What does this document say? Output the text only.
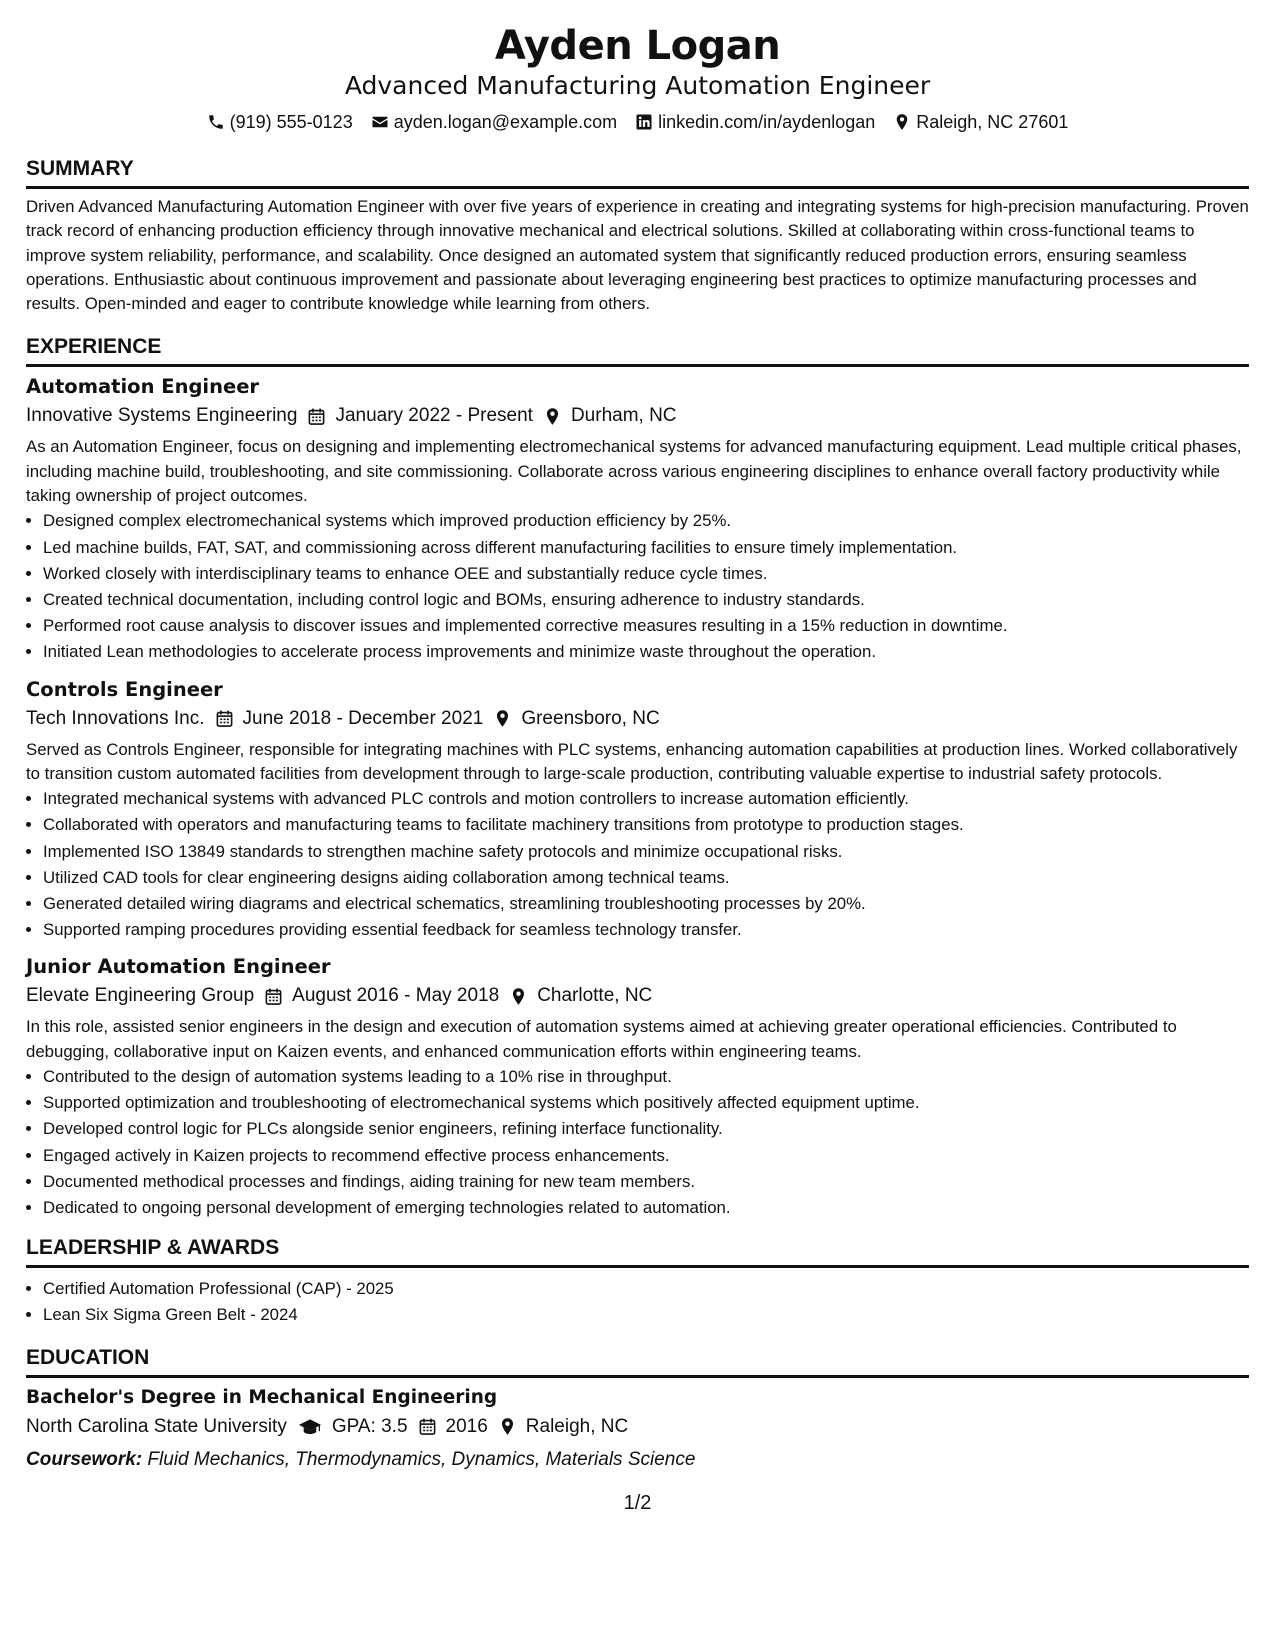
Ayden Logan
Advanced Manufacturing Automation Engineer
(919) 555-0123 ayden.logan@example.com linkedin.com/in/aydenlogan Raleigh, NC 27601
SUMMARY

Driven Advanced Manufacturing Automation Engineer with over five years of experience in creating and integrating systems for high-precision manufacturing. Proven track record of enhancing production efficiency through innovative mechanical and electrical solutions. Skilled at collaborating within cross-functional teams to improve system reliability, performance, and scalability. Once designed an automated system that significantly reduced production errors, ensuring seamless operations. Enthusiastic about continuous improvement and passionate about leveraging engineering best practices to optimize manufacturing processes and results. Open-minded and eager to contribute knowledge while learning from others.

EXPERIENCE
Automation Engineer
Innovative Systems Engineering January 2022 - Present Durham, NC

As an Automation Engineer, focus on designing and implementing electromechanical systems for advanced manufacturing equipment. Lead multiple critical phases, including machine build, troubleshooting, and site commissioning. Collaborate across various engineering disciplines to enhance overall factory productivity while taking ownership of project outcomes.

• Designed complex electromechanical systems which improved production efficiency by 25%.
• Led machine builds, FAT, SAT, and commissioning across different manufacturing facilities to ensure timely implementation.
• Worked closely with interdisciplinary teams to enhance OEE and substantially reduce cycle times.
• Created technical documentation, including control logic and BOMs, ensuring adherence to industry standards.
• Performed root cause analysis to discover issues and implemented corrective measures resulting in a 15% reduction in downtime.
• Initiated Lean methodologies to accelerate process improvements and minimize waste throughout the operation.
Controls Engineer
Tech Innovations Inc. June 2018 - December 2021 Greensboro, NC

Served as Controls Engineer, responsible for integrating machines with PLC systems, enhancing automation capabilities at production lines. Worked collaboratively to transition custom automated facilities from development through to large-scale production, contributing valuable expertise to industrial safety protocols.

• Integrated mechanical systems with advanced PLC controls and motion controllers to increase automation efficiently.
• Collaborated with operators and manufacturing teams to facilitate machinery transitions from prototype to production stages.
• Implemented ISO 13849 standards to strengthen machine safety protocols and minimize occupational risks.
• Utilized CAD tools for clear engineering designs aiding collaboration among technical teams.
• Generated detailed wiring diagrams and electrical schematics, streamlining troubleshooting processes by 20%.
• Supported ramping procedures providing essential feedback for seamless technology transfer.
Junior Automation Engineer
Elevate Engineering Group August 2016 - May 2018 Charlotte, NC

In this role, assisted senior engineers in the design and execution of automation systems aimed at achieving greater operational efficiencies. Contributed to debugging, collaborative input on Kaizen events, and enhanced communication efforts within engineering teams.

• Contributed to the design of automation systems leading to a 10% rise in throughput.
• Supported optimization and troubleshooting of electromechanical systems which positively affected equipment uptime.
• Developed control logic for PLCs alongside senior engineers, refining interface functionality.
• Engaged actively in Kaizen projects to recommend effective process enhancements.
• Documented methodical processes and findings, aiding training for new team members.
• Dedicated to ongoing personal development of emerging technologies related to automation.
LEADERSHIP & AWARDS
• Certified Automation Professional (CAP) - 2025
• Lean Six Sigma Green Belt - 2024
EDUCATION
Bachelor's Degree in Mechanical Engineering
North Carolina State University GPA: 3.5 2016 Raleigh, NC
Coursework: Fluid Mechanics, Thermodynamics, Dynamics, Materials Science
1/2
